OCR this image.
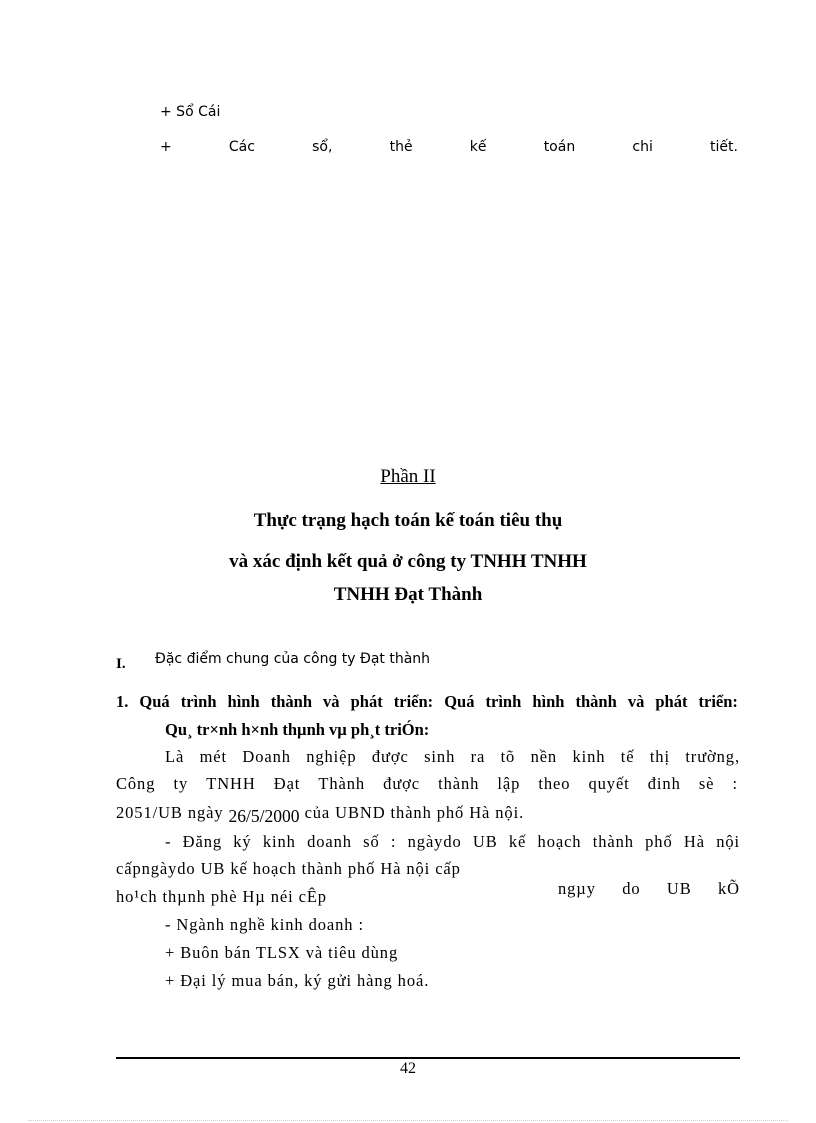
+ Sổ Cái
+	Các	sổ,	thẻ	kế	toán	chi	tiết.
Phần II
Thực trạng hạch toán kế toán tiêu thụ
và xác định kết quả ở công ty TNHH TNHH
TNHH Đạt Thành
I. Đặc điểm chung của công ty Đạt thành
1. Quá trình hình thành và phát triển: Quá trình hình thành và phát triển:
Qu¸ tr×nh h×nh thµnh vµ ph¸t triÓn:
Là mét Doanh nghiệp được sinh ra tõ nền kinh tế thị trường,
Công ty TNHH Đạt Thành được thành lập theo quyết đinh sè :
2051/UB ngày 26/5/2000 của UBND thành phố Hà nội.
- Đăng ký kinh doanh số : ngàydo UB kế hoạch thành phố Hà nội
cấpngàydo UB kế hoạch thành phố Hà nội cấp
ngµy do UB kÕ
ho¹ch thµnh phè Hµ néi cÊp
- Ngành nghề kinh doanh :
+ Buôn bán TLSX và tiêu dùng
+ Đại lý mua bán, ký gửi hàng hoá.
42
